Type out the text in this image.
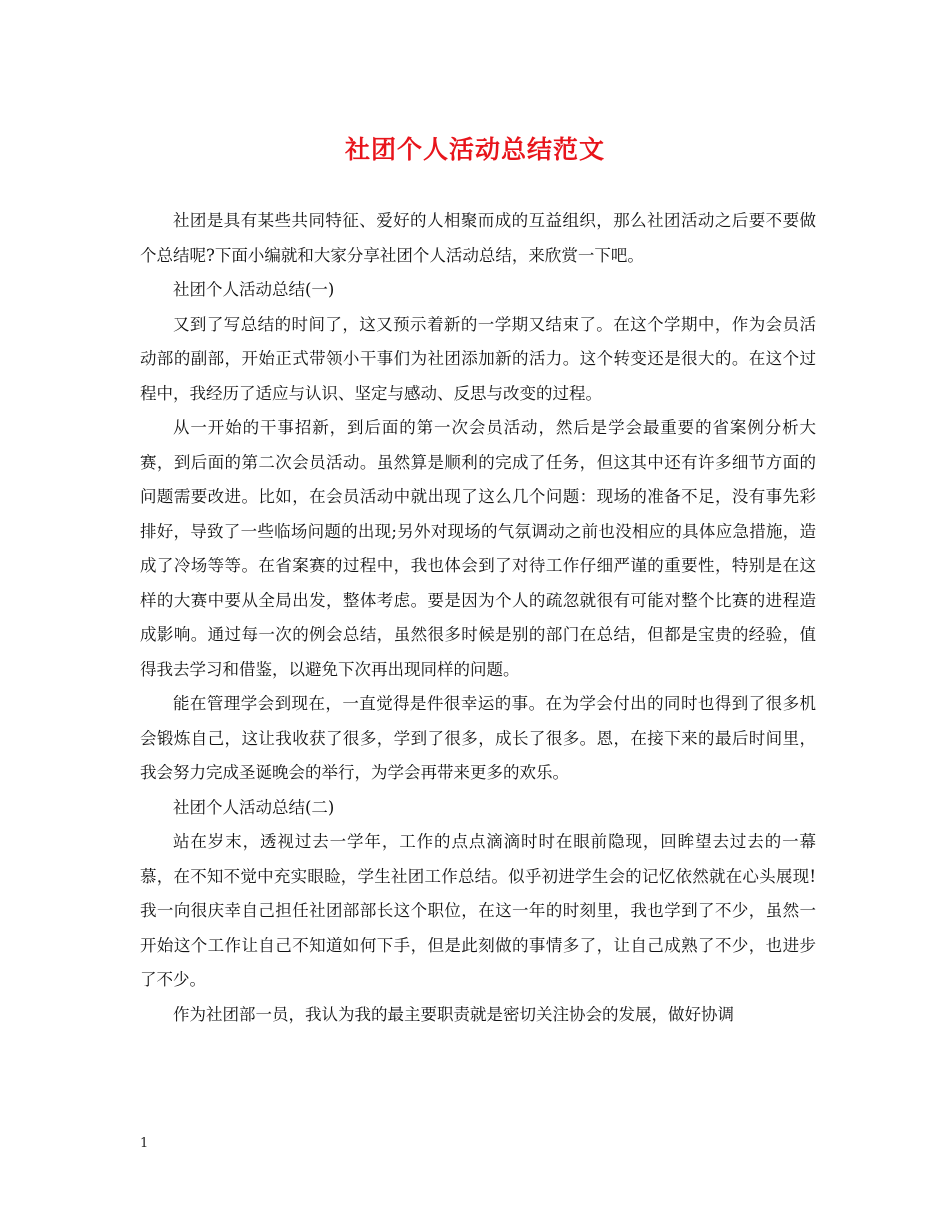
社团个人活动总结范文

社团是具有某些共同特征、爱好的人相聚而成的互益组织，那么社团活动之后要不要做个总结呢?下面小编就和大家分享社团个人活动总结，来欣赏一下吧。

社团个人活动总结(一)

又到了写总结的时间了，这又预示着新的一学期又结束了。在这个学期中，作为会员活动部的副部，开始正式带领小干事们为社团添加新的活力。这个转变还是很大的。在这个过程中，我经历了适应与认识、坚定与感动、反思与改变的过程。

从一开始的干事招新，到后面的第一次会员活动，然后是学会最重要的省案例分析大赛，到后面的第二次会员活动。虽然算是顺利的完成了任务，但这其中还有许多细节方面的问题需要改进。比如，在会员活动中就出现了这么几个问题：现场的准备不足，没有事先彩排好，导致了一些临场问题的出现;另外对现场的气氛调动之前也没相应的具体应急措施，造成了冷场等等。在省案赛的过程中，我也体会到了对待工作仔细严谨的重要性，特别是在这样的大赛中要从全局出发，整体考虑。要是因为个人的疏忽就很有可能对整个比赛的进程造成影响。通过每一次的例会总结，虽然很多时候是别的部门在总结，但都是宝贵的经验，值得我去学习和借鉴，以避免下次再出现同样的问题。

能在管理学会到现在，一直觉得是件很幸运的事。在为学会付出的同时也得到了很多机会锻炼自己，这让我收获了很多，学到了很多，成长了很多。恩，在接下来的最后时间里，我会努力完成圣诞晚会的举行，为学会再带来更多的欢乐。

社团个人活动总结(二)

站在岁末，透视过去一学年，工作的点点滴滴时时在眼前隐现，回眸望去过去的一幕慕，在不知不觉中充实眼睑，学生社团工作总结。似乎初进学生会的记忆依然就在心头展现!我一向很庆幸自己担任社团部部长这个职位，在这一年的时刻里，我也学到了不少，虽然一开始这个工作让自己不知道如何下手，但是此刻做的事情多了，让自己成熟了不少，也进步了不少。

作为社团部一员，我认为我的最主要职责就是密切关注协会的发展，做好协调

1
